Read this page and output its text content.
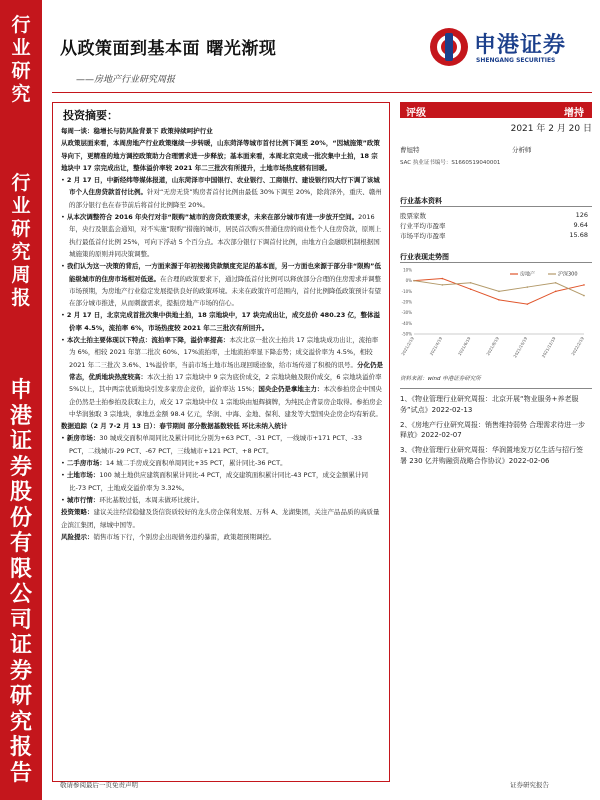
行
业
研
究
行
业
研
究
周
报
申
港
证
券
股
份
有
限
公
司
证
券
研
究
报
告
从政策面到基本面 曙光渐现
——房地产行业研究周报
申港证券
SHENGANG SECURITIES
投资摘要：

每周一谈：稳增长与防风险背景下 政策持续呵护行业

从政策层面来看，本周房地产行业政策继续一步转暖，山东菏泽等城市首付比例下调至 20%，“因城施策”政策导向下，更精准的地方调控政策助力合理需求进一步释放；基本面来看，本周北京完成一批次集中土拍，18 宗地块中 17 宗完成出让，整体溢价率较 2021 年二三批次有所提升，土地市场热度稍有回暖。

• 2 月 17 日，中新经纬等媒体报道，山东菏泽市中国银行、农业银行、工商银行、建设银行四大行下调了该城市个人住房贷款首付比例。针对“无房无贷”购房者首付比例由最低 30%下调至 20%，除菏泽外，重庆、赣州的部分银行也在春节前后将首付比例降至 20%。

• 从本次调整符合 2016 年央行对非“限购”城市的房贷政策要求，未来在部分城市有进一步放开空间。2016 年，央行及银监会通知，对不实施“限购”措施的城市，居民首次购买普通住房的商业性个人住房贷款，原则上执行最低首付比例 25%，可向下浮动 5 个百分点。本次部分银行下调首付比例，由地方自金融联机制根据国城施策的原则并同决策调整。

• 我们认为这一决策的背后，一方面来源于年初按揭贷款额度充足的基本面，另一方面也来源于部分非“限购”低能级城市的住房市场相对低迷。在合理的政策要求下，通过降低首付比例可以释放部分合理的住房需求并调整市场预期，为房地产行业稳定发展提供良好的政策环境。未来在政策许可范围内，首付比例降低政策预计有望在部分城市推进，从而刺激需求，提振房地产市场的信心。

• 2 月 17 日，北京完成首批次集中供地土拍，18 宗地块中，17 块完成出让，成交总价 480.23 亿，整体溢价率 4.5%，流拍率 6%，市场热度较 2021 年二三批次有所回升。

• 本次土拍主要体现以下特点：流拍率下降，溢价率提高：本次北京一批次土拍共 17 宗地块成功出让，流拍率为 6%，相较 2021 年第二批次 60%、17%流拍率，土地流拍率显下降态势；成交溢价率为 4.5%，相较 2021 年二三批次 3.6%、1%溢价率，当前市场土地市场出现回暖迹象，给市场传递了积极的讯号。分化仍是常态，优质地块热度较高：本次土拍 17 宗地块中 9 宗为底价成交，2 宗地块触及限价成交，6 宗地块溢价率 5%以上，其中两宗优质地块引发多家房企竞价，溢价率达 15%；国央企仍是拿地主力：本次参拍房企中国央企仍然是土拍参拍及获取主力，成交 17 宗地块中仅 1 宗地块由旭辉摘牌，为纯民企背景房企取得。参拍房企中华润独取 3 宗地块，拿地总金额 98.4 亿元，华润、中海、金地、保利、建发等大型国央企房企均有斩获。

数据追踪（2 月 7-2 月 13 日）：春节期间 部分数据基数较低 环比未纳入统计

• 新房市场：30 城成交面积单周同比及累计同比分别为+63 PCT、-31 PCT，一线城市+171 PCT、-33 PCT，二线城市-29 PCT、-67 PCT，三线城市+121 PCT、+8 PCT。

• 二手房市场：14 城二手房成交面积单周同比+35 PCT，累计同比-36 PCT。

• 土地市场：100 城土地供应建筑面积累计同比-4 PCT，成交建筑面积累计同比-43 PCT，成交金额累计同比-73 PCT，土地成交溢价率为 3.32%。

• 城市行情：环比基数过低，本周未做环比统计。

投资策略：建议关注经营稳健及货信资质较好的龙头房企保利发展、万科 A、龙湖集团，关注产品品质的高质量企滨江集团，绿城中国等。

风险提示：销售市场下行，个别房企出现债务违约暴雷，政策超预期调控。

评级	增持
2021 年 2 月 20 日
曹旭特	分析师
SAC 执业证书编号：S1660519040001
行业基本资料
股票家数	126
行业平均市盈率	9.64
市场平均市盈率	15.68
行业表现走势图
10%
0%
-10%
-20%
-30%
-40%
-50%
2021/2/19	2021/4/19	2021/6/19	2021/8/19	2021/10/19	2021/12/19	2022/2/19
房地产	沪深300
资料来源：wind 申港证券研究所
1、《物业管理行业研究周报：北京开展“物业服务+养老服务”试点》2022-02-13
2、《房地产行业研究周报：销售维持弱势 合理需求待进一步释放》2022-02-07
3、《物业管理行业研究周报：华润置地发万亿生活与招行签署 230 亿并购融资战略合作协议》2022-02-06
敬请参阅最后一页免责声明	证券研究报告
